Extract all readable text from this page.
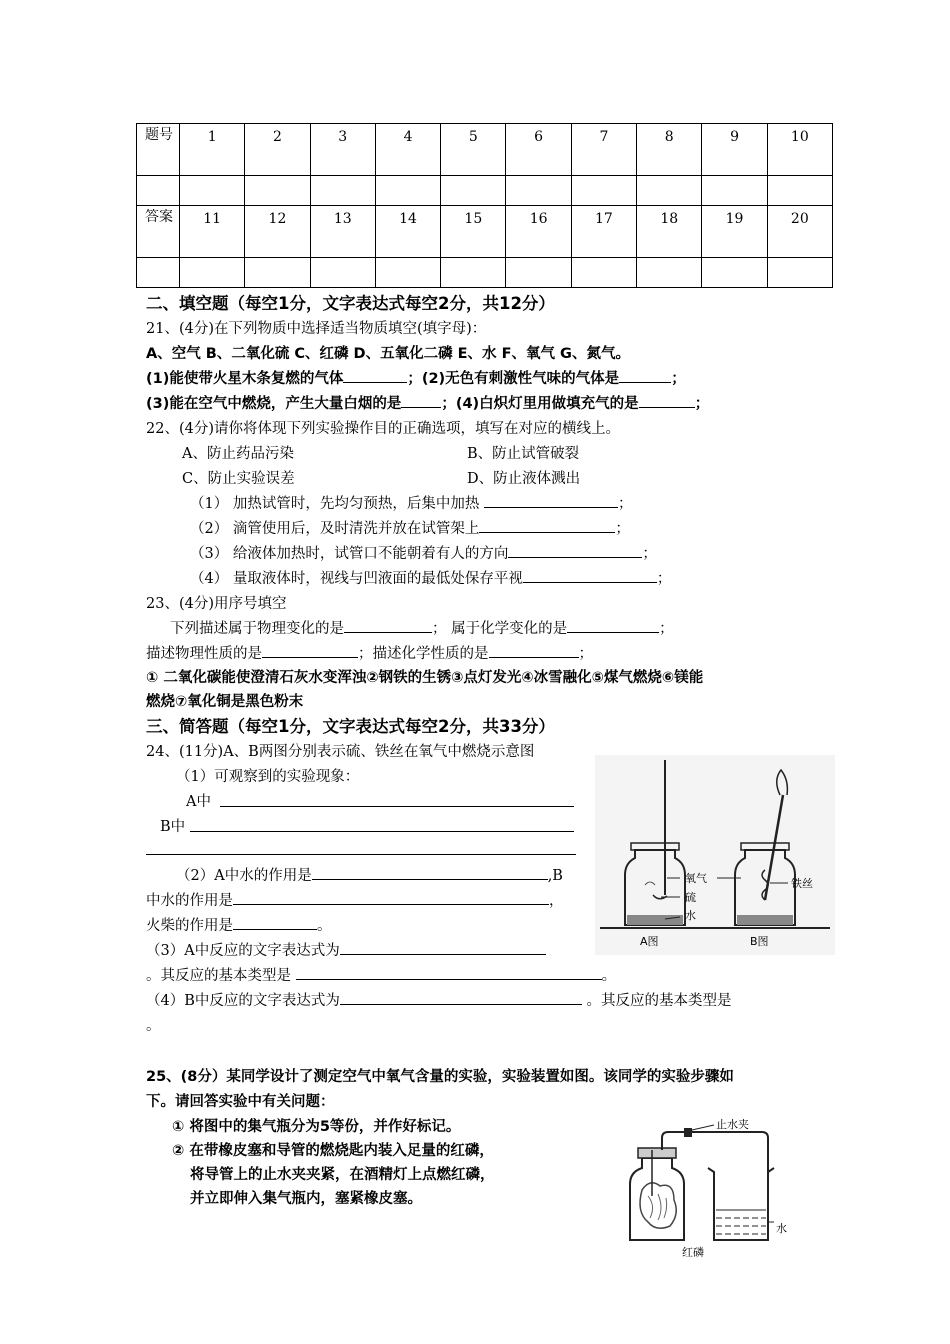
题号	1	2	3	4	5	6	7	8	9	10

答案	11	12	13	14	15	16	17	18	19	20

二、填空题（每空1分，文字表达式每空2分，共12分）
21、(4分)在下列物质中选择适当物质填空(填字母)：
A、空气 B、二氧化硫 C、红磷 D、五氧化二磷 E、水 F、氧气 G、氮气。
(1)能使带火星木条复燃的气体	；(2)无色有刺激性气味的气体是	；
(3)能在空气中燃烧，产生大量白烟的是	；(4)白炽灯里用做填充气的是	；
22、(4分)请你将体现下列实验操作目的正确选项，填写在对应的横线上。
A、防止药品污染	B、防止试管破裂
C、防止实验误差	D、防止液体溅出
（1） 加热试管时，先均匀预热，后集中加热	；
（2） 滴管使用后，及时清洗并放在试管架上	；
（3） 给液体加热时，试管口不能朝着有人的方向	；
（4） 量取液体时，视线与凹液面的最低处保存平视	；
23、(4分)用序号填空
下列描述属于物理变化的是	； 属于化学变化的是	；
描述物理性质的是	；描述化学性质的是	；
① 二氧化碳能使澄清石灰水变浑浊②钢铁的生锈③点灯发光④冰雪融化⑤煤气燃烧⑥镁能
燃烧⑦氧化铜是黑色粉末
三、简答题（每空1分，文字表达式每空2分，共33分）
24、(11分)A、B两图分别表示硫、铁丝在氧气中燃烧示意图
（1）可观察到的实验现象：
A中
B中
（2）A中水的作用是	,B
中水的作用是	，
火柴的作用是	。
（3）A中反应的文字表达式为
。其反应的基本类型是	。
（4）B中反应的文字表达式为	。其反应的基本类型是
。
氧气
硫
水
铁丝
A图	B图
25、(8分）某同学设计了测定空气中氧气含量的实验，实验装置如图。该同学的实验步骤如
下。请回答实验中有关问题：
① 将图中的集气瓶分为5等份，并作好标记。
② 在带橡皮塞和导管的燃烧匙内装入足量的红磷，
将导管上的止水夹夹紧，在酒精灯上点燃红磷，
并立即伸入集气瓶内，塞紧橡皮塞。
止水夹
水
红磷
